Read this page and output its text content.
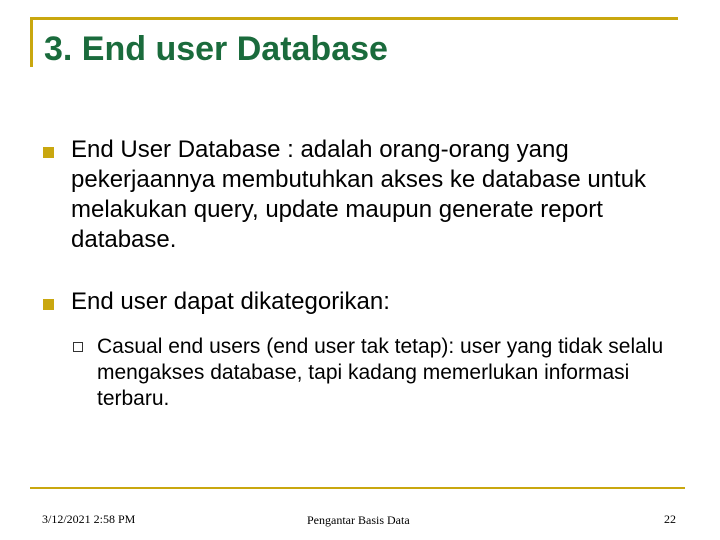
3. End user Database
End User Database : adalah orang-orang yang pekerjaannya membutuhkan akses ke database untuk melakukan query, update maupun generate report database.
End user dapat dikategorikan:
Casual end users (end user tak tetap): user yang tidak selalu mengakses database, tapi kadang memerlukan informasi terbaru.
3/12/2021 2:58 PM	Pengantar Basis Data	22
